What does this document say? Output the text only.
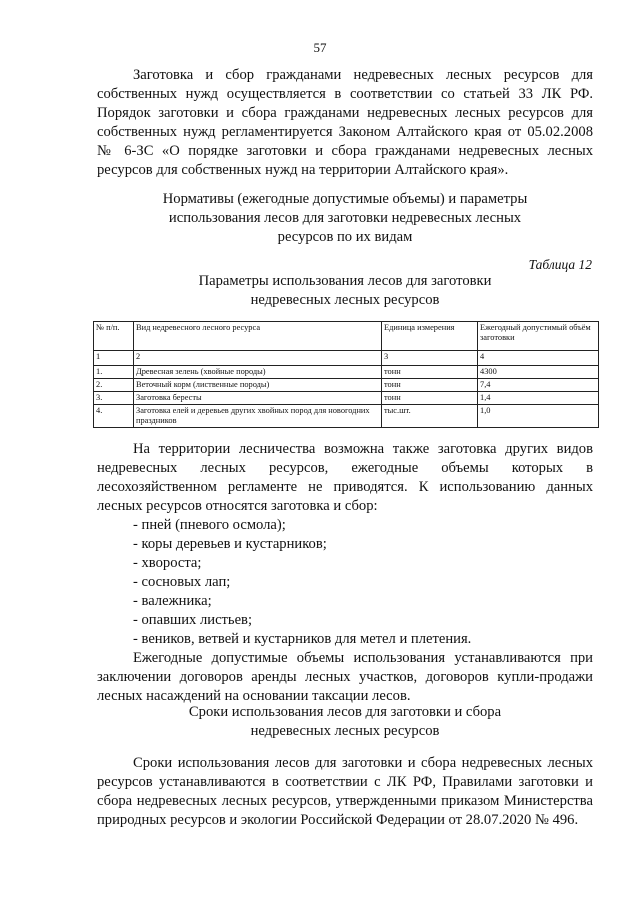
57

Заготовка и сбор гражданами недревесных лесных ресурсов для собственных нужд осуществляется в соответствии со статьей 33 ЛК РФ. Порядок заготовки и сбора гражданами недревесных лесных ресурсов для собственных нужд регламентируется Законом Алтайского края от 05.02.2008 № 6-ЗС «О порядке заготовки и сбора гражданами недревесных лесных ресурсов для собственных нужд на территории Алтайского края».

Нормативы (ежегодные допустимые объемы) и параметры
использования лесов для заготовки недревесных лесных
ресурсов по их видам
Таблица 12
Параметры использования лесов для заготовки
недревесных лесных ресурсов
№ п/п.	Вид недревесного лесного ресурса	Единица измерения	Ежегодный допустимый объём заготовки
1	2	3	4
1.	Древесная зелень (хвойные породы)	тонн	4300
2.	Веточный корм (лиственные породы)	тонн	7,4
3.	Заготовка бересты	тонн	1,4
4.	Заготовка елей и деревьев других хвойных пород для новогодних праздников	тыс.шт.	1,0

На территории лесничества возможна также заготовка других видов недревесных лесных ресурсов, ежегодные объемы которых в лесохозяйственном регламенте не приводятся. К использованию данных лесных ресурсов относятся заготовка и сбор:

- пней (пневого осмола);
- коры деревьев и кустарников;
- хвороста;
- сосновых лап;
- валежника;
- опавших листьев;
- веников, ветвей и кустарников для метел и плетения.

Ежегодные допустимые объемы использования устанавливаются при заключении договоров аренды лесных участков, договоров купли-продажи лесных насаждений на основании таксации лесов.

Сроки использования лесов для заготовки и сбора
недревесных лесных ресурсов

Сроки использования лесов для заготовки и сбора недревесных лесных ресурсов устанавливаются в соответствии с ЛК РФ, Правилами заготовки и сбора недревесных лесных ресурсов, утвержденными приказом Министерства природных ресурсов и экологии Российской Федерации от 28.07.2020 № 496.
